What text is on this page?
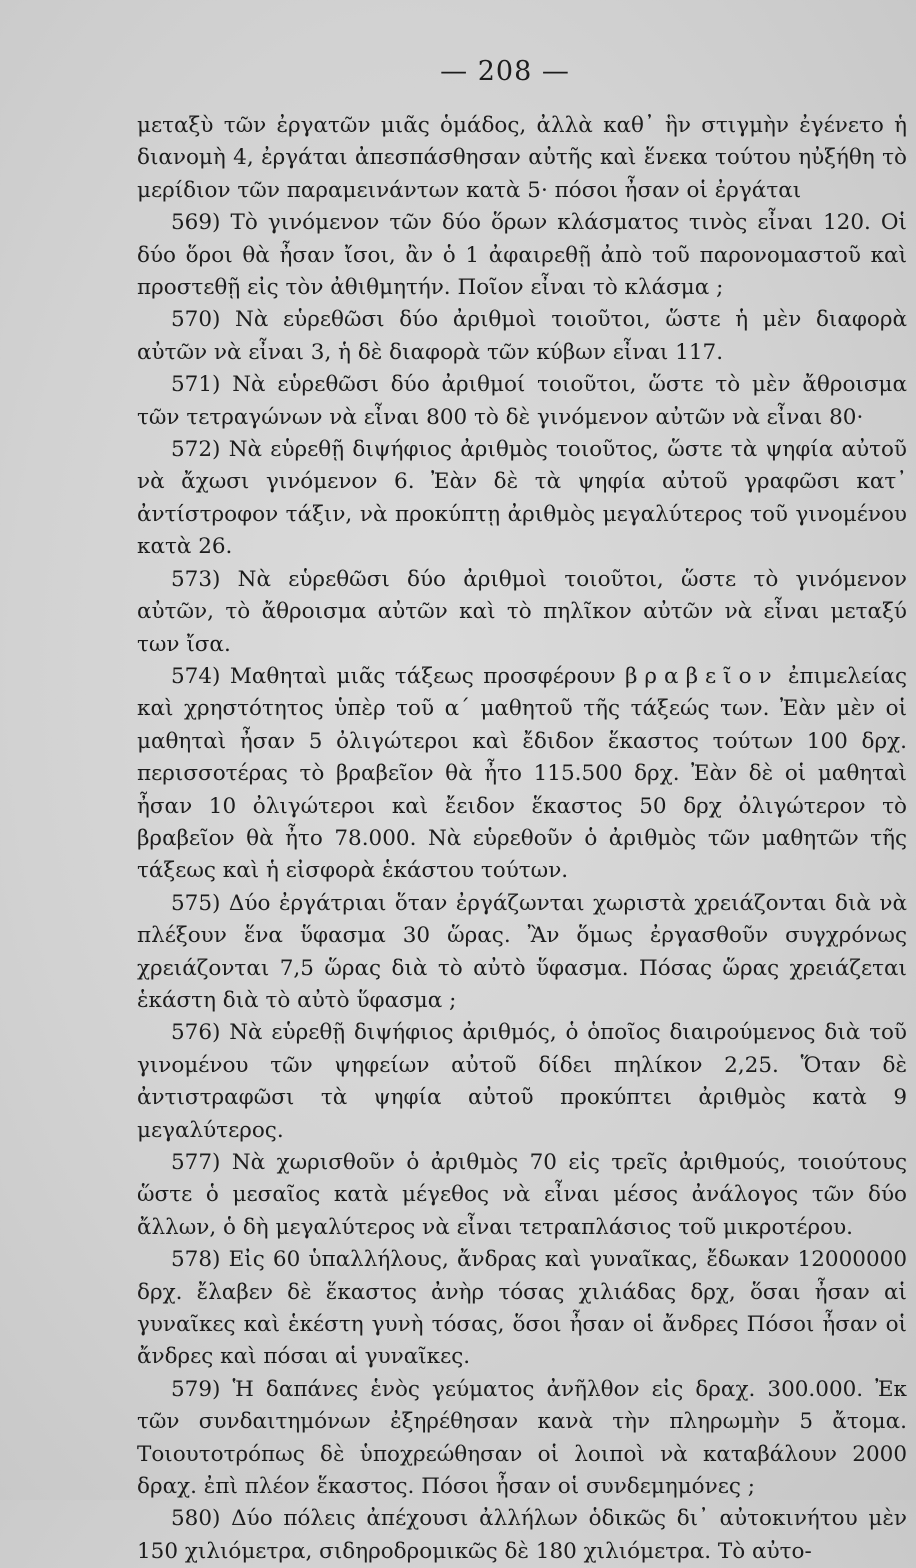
— 208 —

μεταξὺ τῶν ἐργατῶν μιᾶς ὁμάδος, ἀλλὰ καθ᾽ ἣν στιγμὴν ἐγένετο ἡ διανομὴ 4, ἐργάται ἀπεσπάσθησαν αὐτῆς καὶ ἕνεκα τούτου ηὐξήθη τὸ μερίδιον τῶν παραμεινάντων κατὰ 5· πόσοι ἦσαν οἱ ἐργάται

569) Τὸ γινόμενον τῶν δύο ὅρων κλάσματος τινὸς εἶναι 120. Οἱ δύο ὅροι θὰ ἦσαν ἴσοι, ἂν ὁ 1 ἀφαιρεθῇ ἀπὸ τοῦ παρονομαστοῦ καὶ προστεθῇ εἰς τὸν ἀθιθμητήν. Ποῖον εἶναι τὸ κλάσμα ;

570) Νὰ εὑρεθῶσι δύο ἀριθμοὶ τοιοῦτοι, ὥστε ἡ μὲν διαφορὰ αὐτῶν νὰ εἶναι 3, ἡ δὲ διαφορὰ τῶν κύβων εἶναι 117.

571) Νὰ εὑρεθῶσι δύο ἀριθμοί τοιοῦτοι, ὥστε τὸ μὲν ἄθροισμα τῶν τετραγώνων νὰ εἶναι 800 τὸ δὲ γινόμενον αὐτῶν νὰ εἶναι 80·

572) Νὰ εὑρεθῇ διψήφιος ἀριθμὸς τοιοῦτος, ὥστε τὰ ψηφία αὐτοῦ νὰ ἄχωσι γινόμενον 6. Ἐὰν δὲ τὰ ψηφία αὐτοῦ γραφῶσι κατ᾽ ἀντίστροφον τάξιν, νὰ προκύπτῃ ἀριθμὸς μεγαλύτερος τοῦ γινομένου κατὰ 26.

573) Νὰ εὑρεθῶσι δύο ἀριθμοὶ τοιοῦτοι, ὥστε τὸ γινόμενον αὐτῶν, τὸ ἄθροισμα αὐτῶν καὶ τὸ πηλῖκον αὐτῶν νὰ εἶναι μεταξύ των ἴσα.

574) Μαθηταὶ μιᾶς τάξεως προσφέρουν βραβεῖον ἐπιμελείας καὶ χρηστότητος ὑπὲρ τοῦ α΄ μαθητοῦ τῆς τάξεώς των. Ἐὰν μὲν οἱ μαθηταὶ ἦσαν 5 ὀλιγώτεροι καὶ ἔδιδον ἕκαστος τούτων 100 δρχ. περισσοτέρας τὸ βραβεῖον θὰ ἦτο 115.500 δρχ. Ἐὰν δὲ οἱ μαθηταὶ ἦσαν 10 ὀλιγώτεροι καὶ ἔειδον ἕκαστος 50 δρχ ὀλιγώτερον τὸ βραβεῖον θὰ ἦτο 78.000. Νὰ εὑρεθοῦν ὁ ἀριθμὸς τῶν μαθητῶν τῆς τάξεως καὶ ἡ εἰσφορὰ ἑκάστου τούτων.

575) Δύο ἐργάτριαι ὅταν ἐργάζωνται χωριστὰ χρειάζονται διὰ νὰ πλέξουν ἕνα ὕφασμα 30 ὥρας. Ἂν ὅμως ἐργασθοῦν συγχρόνως χρειάζονται 7,5 ὥρας διὰ τὸ αὐτὸ ὕφασμα. Πόσας ὥρας χρειάζεται ἑκάστη διὰ τὸ αὐτὸ ὕφασμα ;

576) Νὰ εὑρεθῇ διψήφιος ἀριθμός, ὁ ὁποῖος διαιρούμενος διὰ τοῦ γινομένου τῶν ψηφείων αὐτοῦ δίδει πηλίκον 2,25. Ὅταν δὲ ἀντιστραφῶσι τὰ ψηφία αὐτοῦ προκύπτει ἀριθμὸς κατὰ 9 μεγαλύτερος.

577) Νὰ χωρισθοῦν ὁ ἀριθμὸς 70 εἰς τρεῖς ἀριθμούς, τοιούτους ὥστε ὁ μεσαῖος κατὰ μέγεθος νὰ εἶναι μέσος ἀνάλογος τῶν δύο ἄλλων, ὁ δὴ μεγαλύτερος νὰ εἶναι τετραπλάσιος τοῦ μικροτέρου.

578) Εἰς 60 ὑπαλλήλους, ἄνδρας καὶ γυναῖκας, ἔδωκαν 12000000 δρχ. ἔλαβεν δὲ ἕκαστος ἀνὴρ τόσας χιλιάδας δρχ, ὅσαι ἦσαν αἱ γυναῖκες καὶ ἑκέστη γυνὴ τόσας, ὅσοι ἦσαν οἱ ἄνδρες Πόσοι ἦσαν οἱ ἄνδρες καὶ πόσαι αἱ γυναῖκες.

579) Ἡ δαπάνες ἑνὸς γεύματος ἀνῆλθον εἰς δραχ. 300.000. Ἐκ τῶν συνδαιτημόνων ἐξηρέθησαν κανὰ τὴν πληρωμὴν 5 ἄτομα. Τοιουτοτρόπως δὲ ὑποχρεώθησαν οἱ λοιποὶ νὰ καταβάλουν 2000 δραχ. ἐπὶ πλέον ἕκαστος. Πόσοι ἦσαν οἱ συνδεμημόνες ;

580) Δύο πόλεις ἀπέχουσι ἀλλήλων ὁδικῶς δι᾽ αὐτοκινήτου μὲν 150 χιλιόμετρα, σιδηροδρομικῶς δὲ 180 χιλιόμετρα. Τὸ αὐτο-
